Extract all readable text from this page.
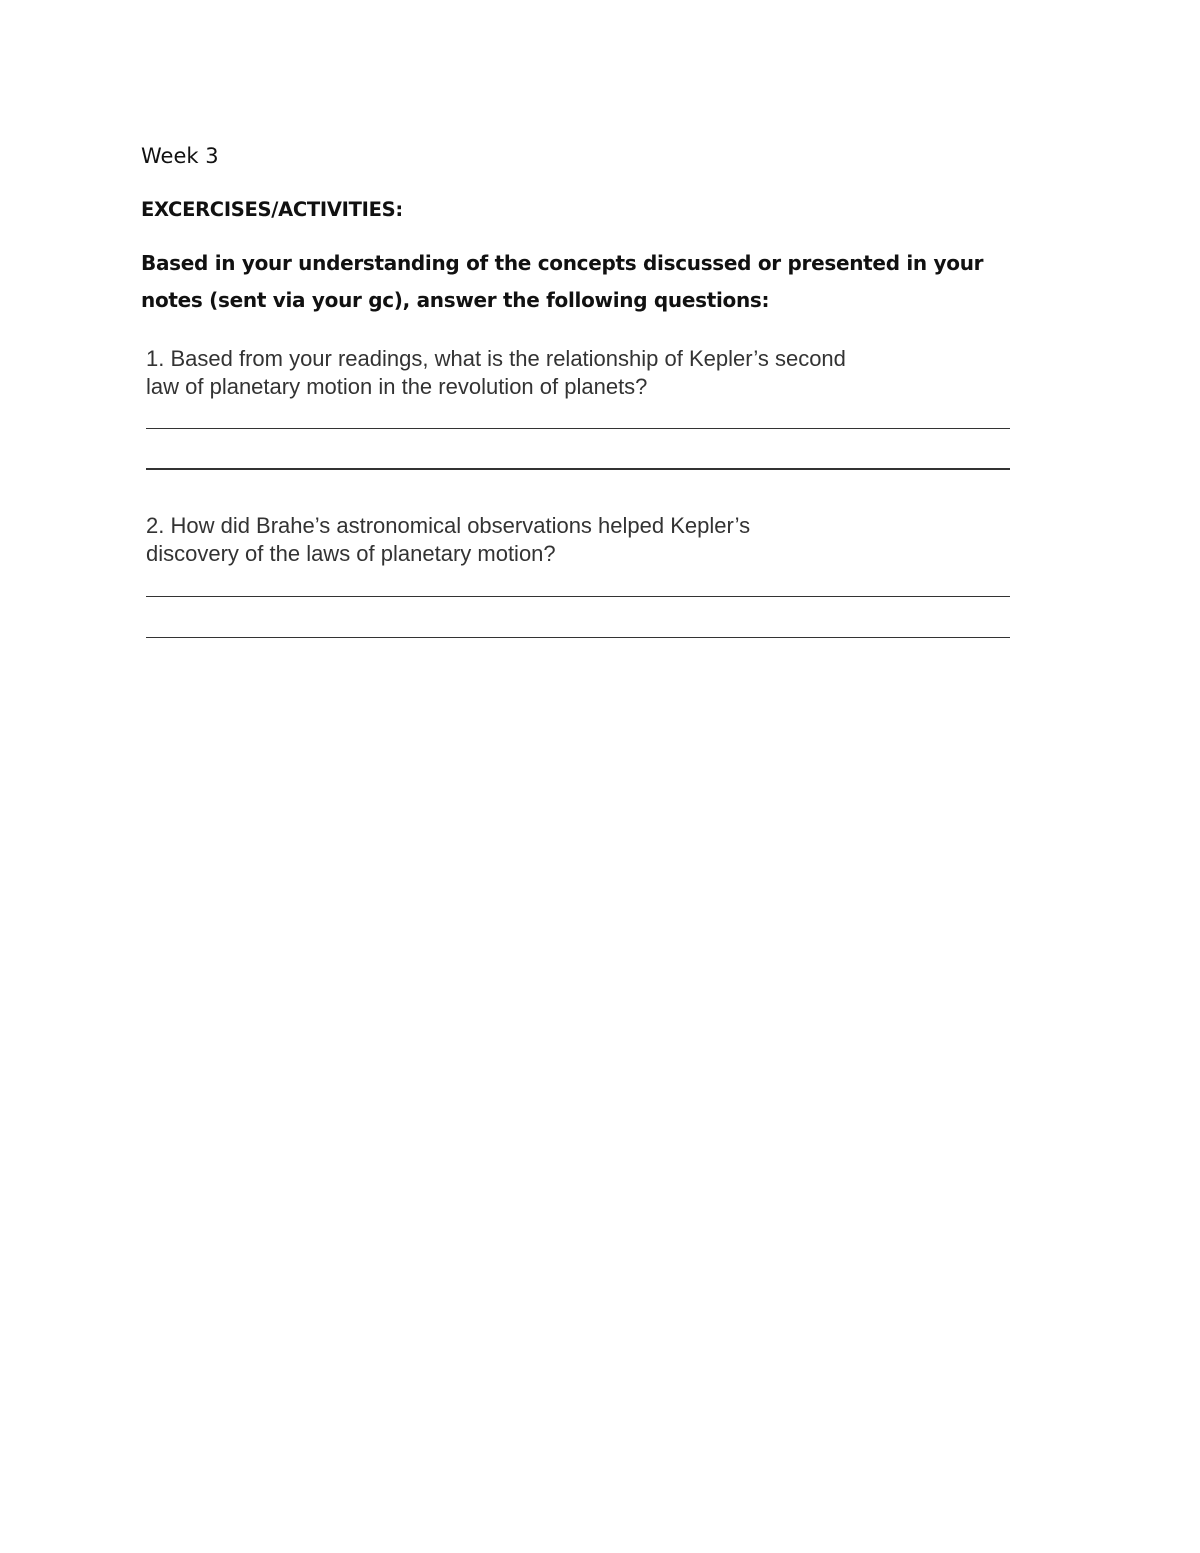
Week 3

EXCERCISES/ACTIVITIES:

Based in your understanding of the concepts discussed or presented in your notes (sent via your gc), answer the following questions:

1. Based from your readings, what is the relationship of Kepler’s second
law of planetary motion in the revolution of planets?
2. How did Brahe’s astronomical observations helped Kepler’s
discovery of the laws of planetary motion?
